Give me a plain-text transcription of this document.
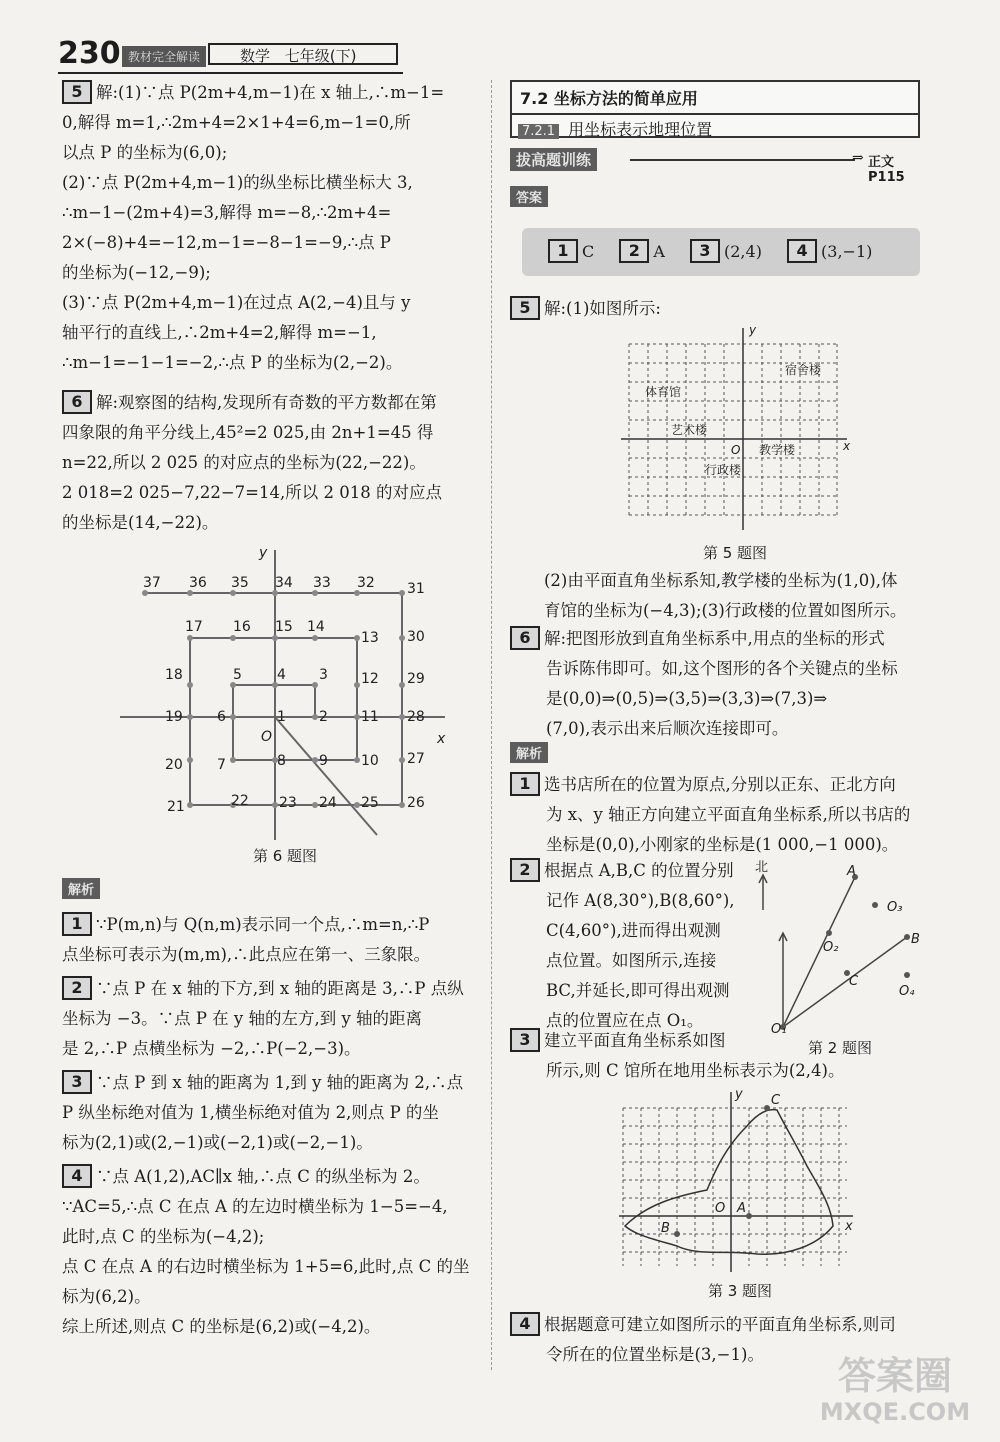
230 教材完全解读	数学 七年级(下)
5 解:(1)∵点 P(2m+4,m−1)在 x 轴上,∴m−1=
0,解得 m=1,∴2m+4=2×1+4=6,m−1=0,所
以点 P 的坐标为(6,0);
(2)∵点 P(2m+4,m−1)的纵坐标比横坐标大 3,
∴m−1−(2m+4)=3,解得 m=−8,∴2m+4=
2×(−8)+4=−12,m−1=−8−1=−9,∴点 P
的坐标为(−12,−9);
(3)∵点 P(2m+4,m−1)在过点 A(2,−4)且与 y
轴平行的直线上,∴2m+4=2,解得 m=−1,
∴m−1=−1−1=−2,∴点 P 的坐标为(2,−2)。
6 解:观察图的结构,发现所有奇数的平方数都在第
四象限的角平分线上,45²=2 025,由 2n+1=45 得
n=22,所以 2 025 的对应点的坐标为(22,−22)。
2 018=2 025−7,22−7=14,所以 2 018 的对应点
的坐标是(14,−22)。
x
y
O
1 2
3
4
5
6
7	8 9 10
11
12
13
14
15
16
17
18
19
20
21	22 23 24 25 26
27
28
29
30
31
32
33
34
35
36
37
第 6 题图
解析
1 ∵P(m,n)与 Q(n,m)表示同一个点,∴m=n,∴P
点坐标可表示为(m,m),∴此点应在第一、三象限。
2 ∵点 P 在 x 轴的下方,到 x 轴的距离是 3,∴P 点纵
坐标为 −3。∵点 P 在 y 轴的左方,到 y 轴的距离
是 2,∴P 点横坐标为 −2,∴P(−2,−3)。
3 ∵点 P 到 x 轴的距离为 1,到 y 轴的距离为 2,∴点
P 纵坐标绝对值为 1,横坐标绝对值为 2,则点 P 的坐
标为(2,1)或(2,−1)或(−2,1)或(−2,−1)。
4 ∵点 A(1,2),AC∥x 轴,∴点 C 的纵坐标为 2。
∵AC=5,∴点 C 在点 A 的左边时横坐标为 1−5=−4,
此时,点 C 的坐标为(−4,2);
点 C 在点 A 的右边时横坐标为 1+5=6,此时,点 C 的坐
标为(6,2)。
综上所述,则点 C 的坐标是(6,2)或(−4,2)。
7.2 坐标方法的简单应用
7.2.1 用坐标表示地理位置
拔高题训练	⇒ 正文 P115
答案
1 C 2 A 3 (2,4) 4 (3,−1)
5 解:(1)如图所示:
x
y
O
宿舍楼
体育馆
艺术楼
教学楼
行政楼
第 5 题图
(2)由平面直角坐标系知,教学楼的坐标为(1,0),体
育馆的坐标为(−4,3);(3)行政楼的位置如图所示。
6 解:把图形放到直角坐标系中,用点的坐标的形式
告诉陈伟即可。如,这个图形的各个关键点的坐标
是(0,0)⇒(0,5)⇒(3,5)⇒(3,3)⇒(7,3)⇒
(7,0),表示出来后顺次连接即可。
解析
1 选书店所在的位置为原点,分别以正东、正北方向
为 x、y 轴正方向建立平面直角坐标系,所以书店的
坐标是(0,0),小刚家的坐标是(1 000,−1 000)。
2 根据点 A,B,C 的位置分别
记作 A(8,30°),B(8,60°),
C(4,60°),进而得出观测
点位置。如图所示,连接
BC,并延长,即可得出观测
点的位置应在点 O₁。
北	A
B
C
O₁
O₂
O₃
O₄
第 2 题图
3 建立平面直角坐标系如图
所示,则 C 馆所在地用坐标表示为(2,4)。
C
A
B
O
x
y
第 3 题图
4 根据题意可建立如图所示的平面直角坐标系,则司
令所在的位置坐标是(3,−1)。	答案圈
MXQE.COM
